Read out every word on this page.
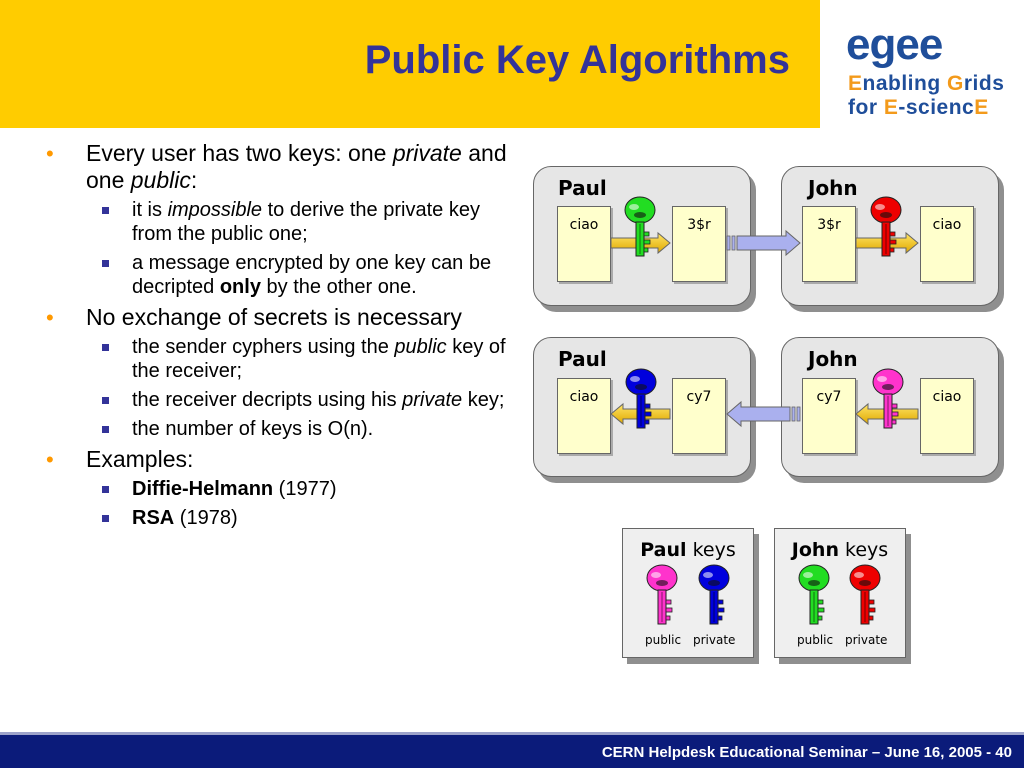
Public Key Algorithms egee
Enabling Grids
for E-sciencE
• Every user has two keys: one private and one public:
it is impossible to derive the private key from the public one;
a message encrypted by one key can be decripted only by the other one.
• No exchange of secrets is necessary
the sender cyphers using the public key of the receiver;
the receiver decripts using his private key;
the number of keys is O(n).
• Examples:
Diffie-Helmann (1977)
RSA (1978)
Paul	John
ciao	3$r	3$r	ciao
Paul	John
ciao	cy7	cy7	ciao
Paul keys
public private
John keys
public private
CERN Helpdesk Educational Seminar – June 16, 2005 - 40
